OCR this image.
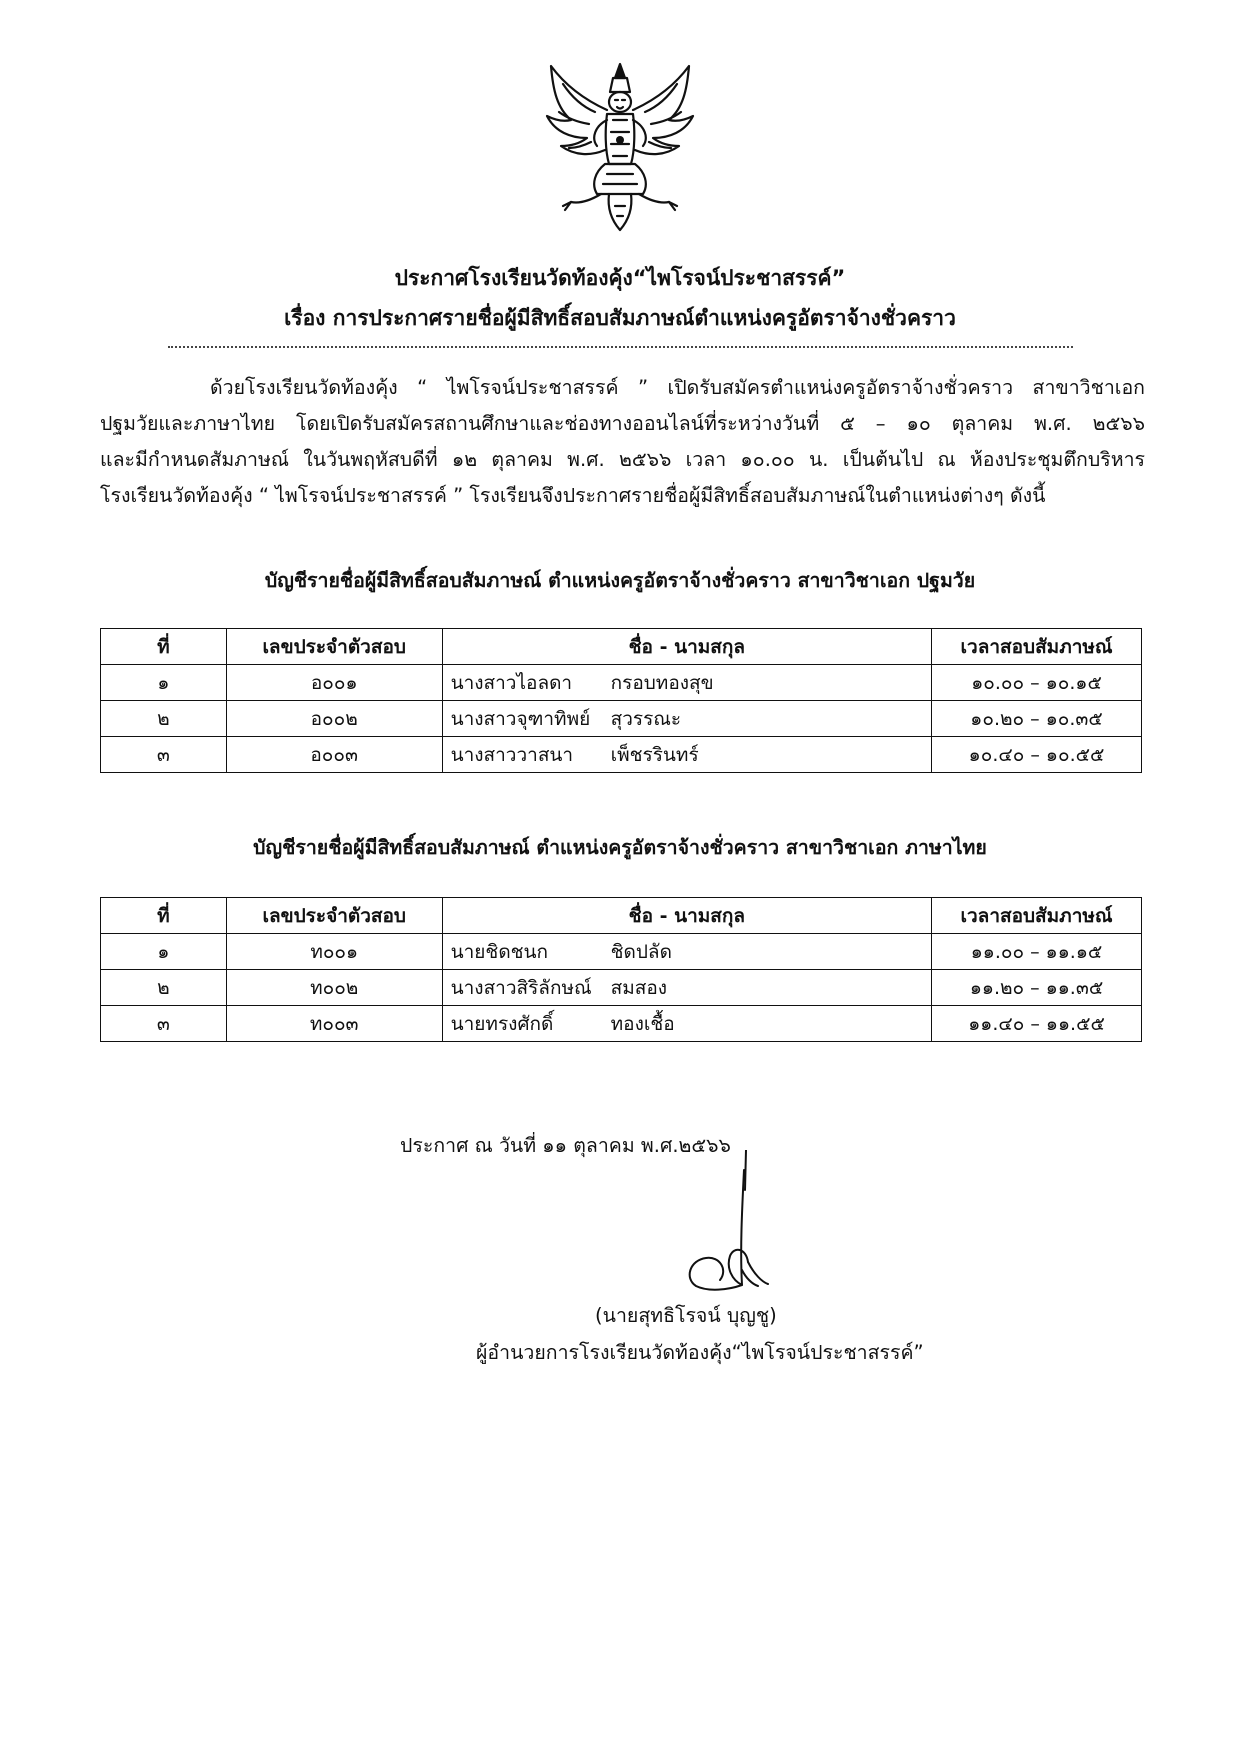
ประกาศโรงเรียนวัดท้องคุ้ง“ไพโรจน์ประชาสรรค์”
เรื่อง การประกาศรายชื่อผู้มีสิทธิ์สอบสัมภาษณ์ตำแหน่งครูอัตราจ้างชั่วคราว

ด้วยโรงเรียนวัดท้องคุ้ง “ ไพโรจน์ประชาสรรค์ ” เปิดรับสมัครตำแหน่งครูอัตราจ้างชั่วคราว สาขาวิชาเอก

ปฐมวัยและภาษาไทย โดยเปิดรับสมัครสถานศึกษาและช่องทางออนไลน์ที่ระหว่างวันที่ ๕ – ๑๐ ตุลาคม พ.ศ. ๒๕๖๖

และมีกำหนดสัมภาษณ์ ในวันพฤหัสบดีที่ ๑๒ ตุลาคม พ.ศ. ๒๕๖๖ เวลา ๑๐.๐๐ น. เป็นต้นไป ณ ห้องประชุมตึกบริหาร

โรงเรียนวัดท้องคุ้ง “ ไพโรจน์ประชาสรรค์ ” โรงเรียนจึงประกาศรายชื่อผู้มีสิทธิ์สอบสัมภาษณ์ในตำแหน่งต่างๆ ดังนี้

บัญชีรายชื่อผู้มีสิทธิ์สอบสัมภาษณ์ ตำแหน่งครูอัตราจ้างชั่วคราว สาขาวิชาเอก ปฐมวัย
ที่	เลขประจำตัวสอบ	ชื่อ - นามสกุล	เวลาสอบสัมภาษณ์
๑	อ๐๐๑	นางสาวไอลดา กรอบทองสุข	๑๐.๐๐ – ๑๐.๑๕
๒	อ๐๐๒	นางสาวจุฑาทิพย์ สุวรรณะ	๑๐.๒๐ – ๑๐.๓๕
๓	อ๐๐๓	นางสาววาสนา เพ็ชรรินทร์	๑๐.๔๐ – ๑๐.๕๕
บัญชีรายชื่อผู้มีสิทธิ์สอบสัมภาษณ์ ตำแหน่งครูอัตราจ้างชั่วคราว สาขาวิชาเอก ภาษาไทย
ที่	เลขประจำตัวสอบ	ชื่อ - นามสกุล	เวลาสอบสัมภาษณ์
๑	ท๐๐๑	นายชิดชนก ชิดปลัด	๑๑.๐๐ – ๑๑.๑๕
๒	ท๐๐๒	นางสาวสิริลักษณ์ สมสอง	๑๑.๒๐ – ๑๑.๓๕
๓	ท๐๐๓	นายทรงศักดิ์ ทองเชื้อ	๑๑.๔๐ – ๑๑.๕๕
ประกาศ ณ วันที่ ๑๑ ตุลาคม พ.ศ.๒๕๖๖
(นายสุทธิโรจน์ บุญชู)
ผู้อำนวยการโรงเรียนวัดท้องคุ้ง“ไพโรจน์ประชาสรรค์”
